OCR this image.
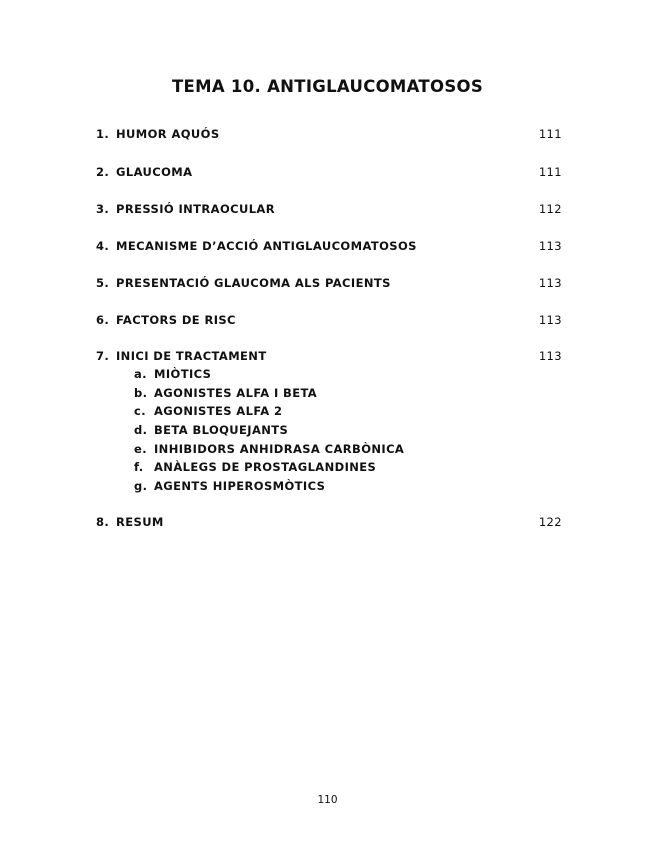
TEMA 10. ANTIGLAUCOMATOSOS
1. HUMOR AQUÓS	111
2. GLAUCOMA	111
3. PRESSIÓ INTRAOCULAR	112
4. MECANISME D’ACCIÓ ANTIGLAUCOMATOSOS	113
5. PRESENTACIÓ GLAUCOMA ALS PACIENTS	113
6. FACTORS DE RISC	113
7. INICI DE TRACTAMENT	113
a. MIÒTICS
b. AGONISTES ALFA I BETA
c. AGONISTES ALFA 2
d. BETA BLOQUEJANTS
e. INHIBIDORS ANHIDRASA CARBÒNICA
f. ANÀLEGS DE PROSTAGLANDINES
g. AGENTS HIPEROSMÒTICS
8. RESUM	122
110
